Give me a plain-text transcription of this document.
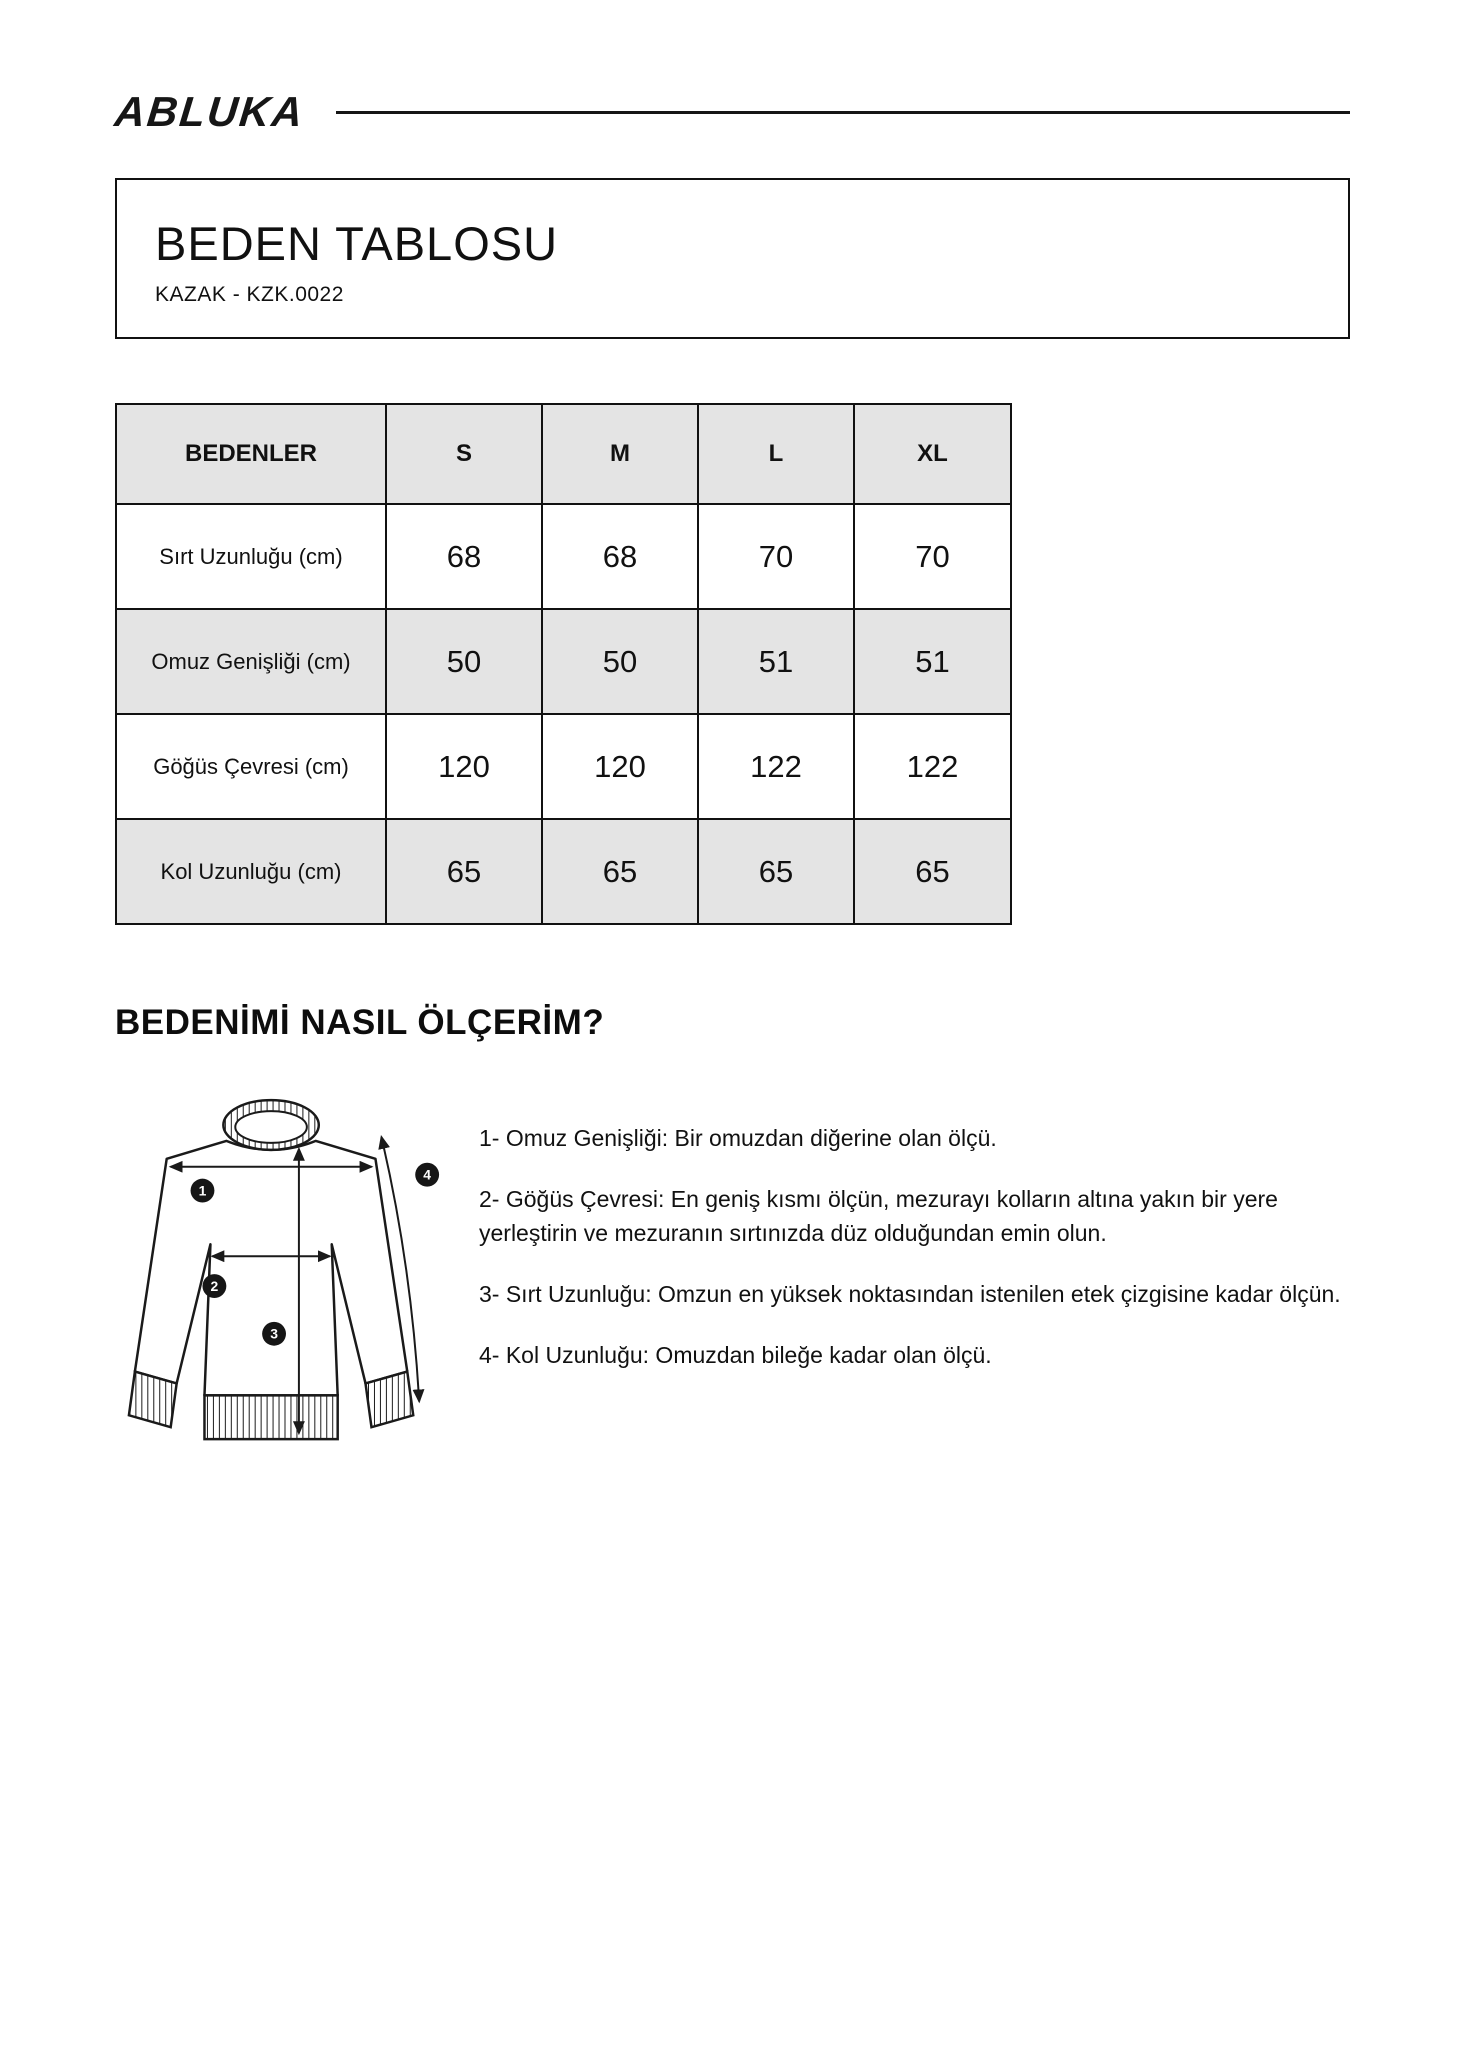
ABLUKA
BEDEN TABLOSU
KAZAK - KZK.0022
BEDENLER	S	M	L	XL
Sırt Uzunluğu (cm)	68	68	70	70
Omuz Genişliği (cm)	50	50	51	51
Göğüs Çevresi (cm)	120	120	122	122
Kol Uzunluğu (cm)	65	65	65	65
BEDENİMİ NASIL ÖLÇERİM?
1
2
3
4

1- Omuz Genişliği: Bir omuzdan diğerine olan ölçü.

2- Göğüs Çevresi: En geniş kısmı ölçün, mezurayı kolların altına yakın bir yere yerleştirin ve mezuranın sırtınızda düz olduğundan emin olun.

3- Sırt Uzunluğu: Omzun en yüksek noktasından istenilen etek çizgisine kadar ölçün.

4- Kol Uzunluğu: Omuzdan bileğe kadar olan ölçü.
